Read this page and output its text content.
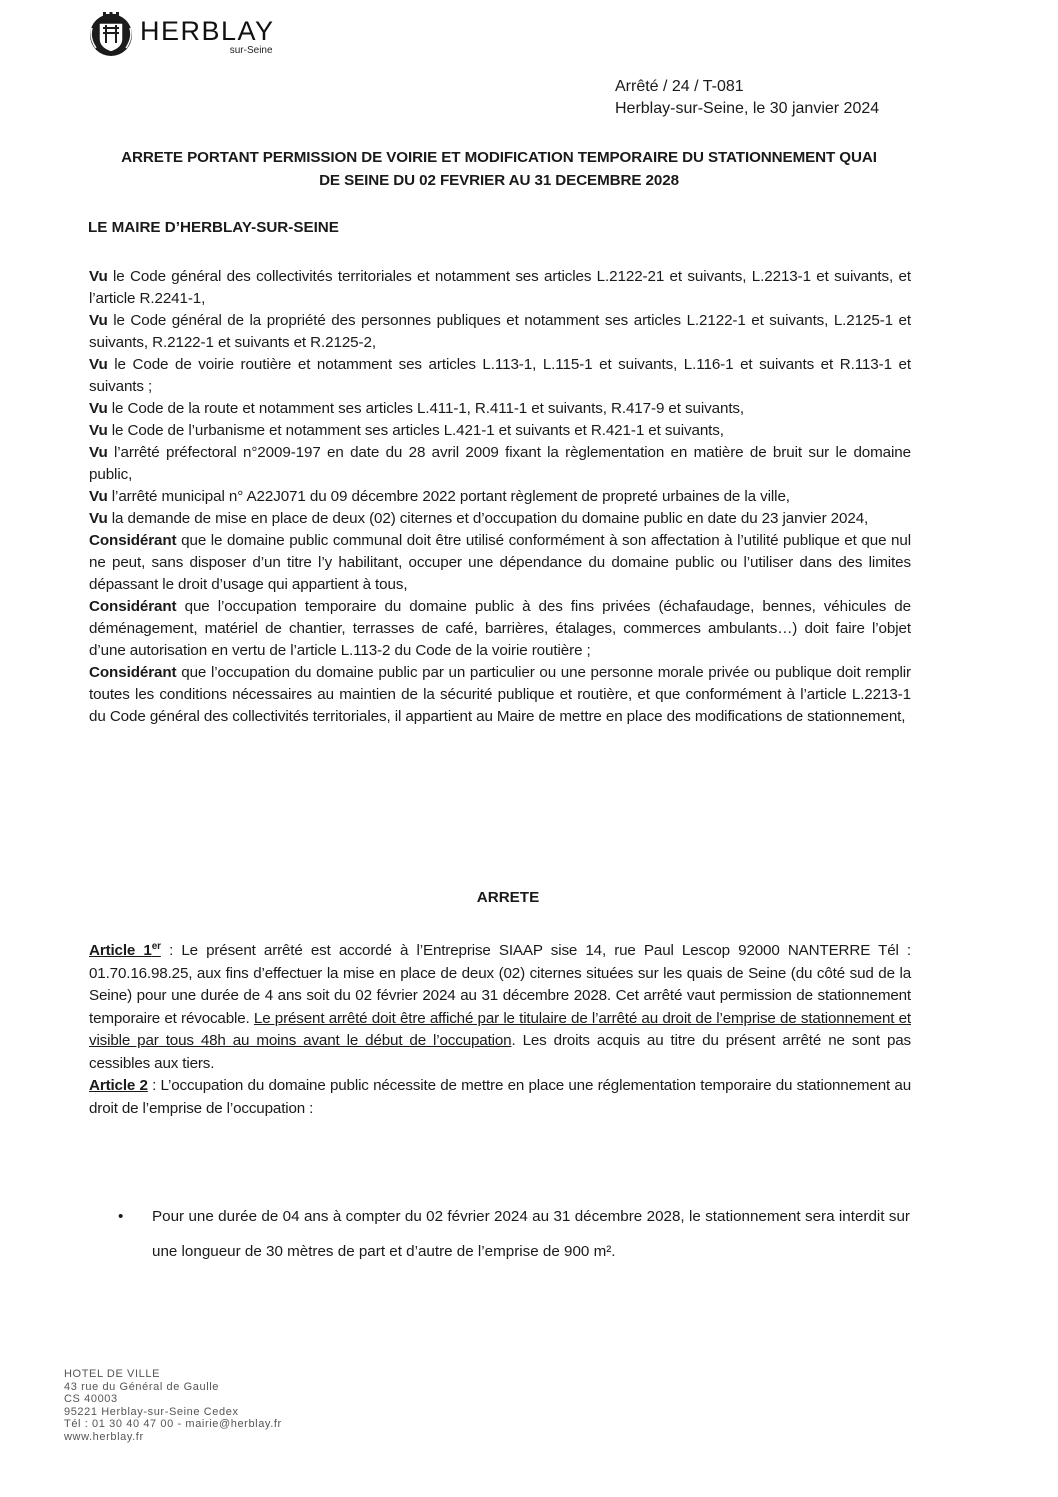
HERBLAY
sur-Seine
Arrêté / 24 / T-081
Herblay-sur-Seine, le 30 janvier 2024
ARRETE PORTANT PERMISSION DE VOIRIE ET MODIFICATION TEMPORAIRE DU STATIONNEMENT QUAI
DE SEINE DU 02 FEVRIER AU 31 DECEMBRE 2028
LE MAIRE D’HERBLAY-SUR-SEINE

Vu le Code général des collectivités territoriales et notamment ses articles L.2122-21 et suivants, L.2213-1 et suivants, et l’article R.2241-1,

Vu le Code général de la propriété des personnes publiques et notamment ses articles L.2122-1 et suivants, L.2125-1 et suivants, R.2122-1 et suivants et R.2125-2,

Vu le Code de voirie routière et notamment ses articles L.113-1, L.115-1 et suivants, L.116-1 et suivants et R.113-1 et suivants ;

Vu le Code de la route et notamment ses articles L.411-1, R.411-1 et suivants, R.417-9 et suivants,

Vu le Code de l’urbanisme et notamment ses articles L.421-1 et suivants et R.421-1 et suivants,

Vu l’arrêté préfectoral n°2009-197 en date du 28 avril 2009 fixant la règlementation en matière de bruit sur le domaine public,

Vu l’arrêté municipal n° A22J071 du 09 décembre 2022 portant règlement de propreté urbaines de la ville,

Vu la demande de mise en place de deux (02) citernes et d’occupation du domaine public en date du 23 janvier 2024,

Considérant que le domaine public communal doit être utilisé conformément à son affectation à l’utilité publique et que nul ne peut, sans disposer d’un titre l’y habilitant, occuper une dépendance du domaine public ou l’utiliser dans des limites dépassant le droit d’usage qui appartient à tous,

Considérant que l’occupation temporaire du domaine public à des fins privées (échafaudage, bennes, véhicules de déménagement, matériel de chantier, terrasses de café, barrières, étalages, commerces ambulants…) doit faire l’objet d’une autorisation en vertu de l’article L.113-2 du Code de la voirie routière ;

Considérant que l’occupation du domaine public par un particulier ou une personne morale privée ou publique doit remplir toutes les conditions nécessaires au maintien de la sécurité publique et routière, et que conformément à l’article L.2213-1 du Code général des collectivités territoriales, il appartient au Maire de mettre en place des modifications de stationnement,

ARRETE

Article 1er : Le présent arrêté est accordé à l’Entreprise SIAAP sise 14, rue Paul Lescop 92000 NANTERRE Tél : 01.70.16.98.25, aux fins d’effectuer la mise en place de deux (02) citernes situées sur les quais de Seine (du côté sud de la Seine) pour une durée de 4 ans soit du 02 février 2024 au 31 décembre 2028. Cet arrêté vaut permission de stationnement temporaire et révocable. Le présent arrêté doit être affiché par le titulaire de l’arrêté au droit de l’emprise de stationnement et visible par tous 48h au moins avant le début de l’occupation. Les droits acquis au titre du présent arrêté ne sont pas cessibles aux tiers.

Article 2 : L’occupation du domaine public nécessite de mettre en place une réglementation temporaire du stationnement au droit de l’emprise de l’occupation :

•	Pour une durée de 04 ans à compter du 02 février 2024 au 31 décembre 2028, le stationnement sera interdit sur une longueur de 30 mètres de part et d’autre de l’emprise de 900 m².
HOTEL DE VILLE
43 rue du Général de Gaulle
CS 40003
95221 Herblay-sur-Seine Cedex
Tél : 01 30 40 47 00 - mairie@herblay.fr
www.herblay.fr
